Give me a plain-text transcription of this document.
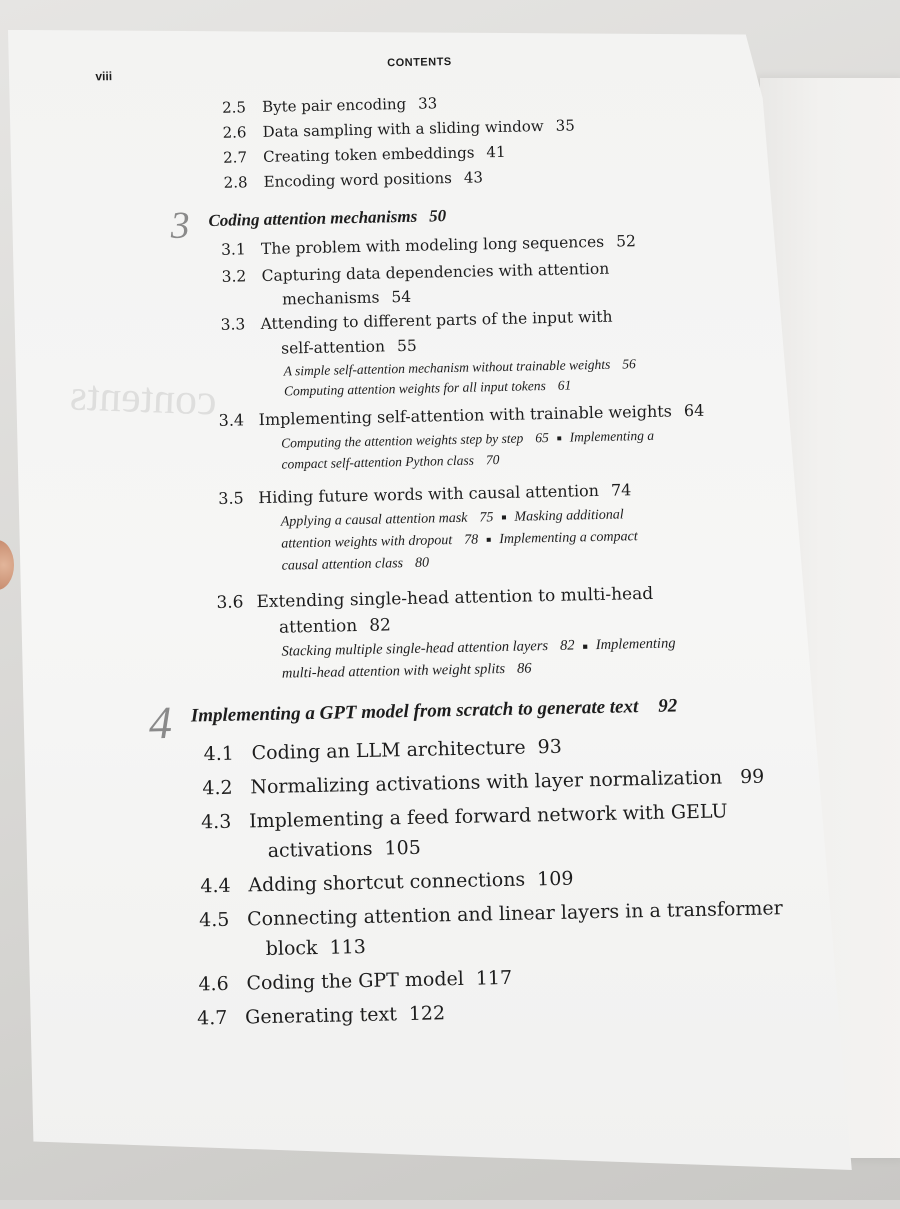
contents
viii
CONTENTS
2.5 Byte pair encoding 33
2.6 Data sampling with a sliding window 35
2.7 Creating token embeddings 41
2.8 Encoding word positions 43
3 Coding attention mechanisms 50
3.1 The problem with modeling long sequences 52
3.2 Capturing data dependencies with attention
mechanisms 54
3.3 Attending to different parts of the input with
self-attention 55
A simple self-attention mechanism without trainable weights 56
Computing attention weights for all input tokens 61
3.4 Implementing self-attention with trainable weights 64
Computing the attention weights step by step 65 ■ Implementing a
compact self-attention Python class 70
3.5 Hiding future words with causal attention 74
Applying a causal attention mask 75 ■ Masking additional
attention weights with dropout 78 ■ Implementing a compact
causal attention class 80
3.6 Extending single-head attention to multi-head
attention 82
Stacking multiple single-head attention layers 82 ■ Implementing
multi-head attention with weight splits 86
4 Implementing a GPT model from scratch to generate text 92
4.1 Coding an LLM architecture 93
4.2 Normalizing activations with layer normalization 99
4.3 Implementing a feed forward network with GELU
activations 105
4.4 Adding shortcut connections 109
4.5 Connecting attention and linear layers in a transformer
block 113
4.6 Coding the GPT model 117
4.7 Generating text 122
